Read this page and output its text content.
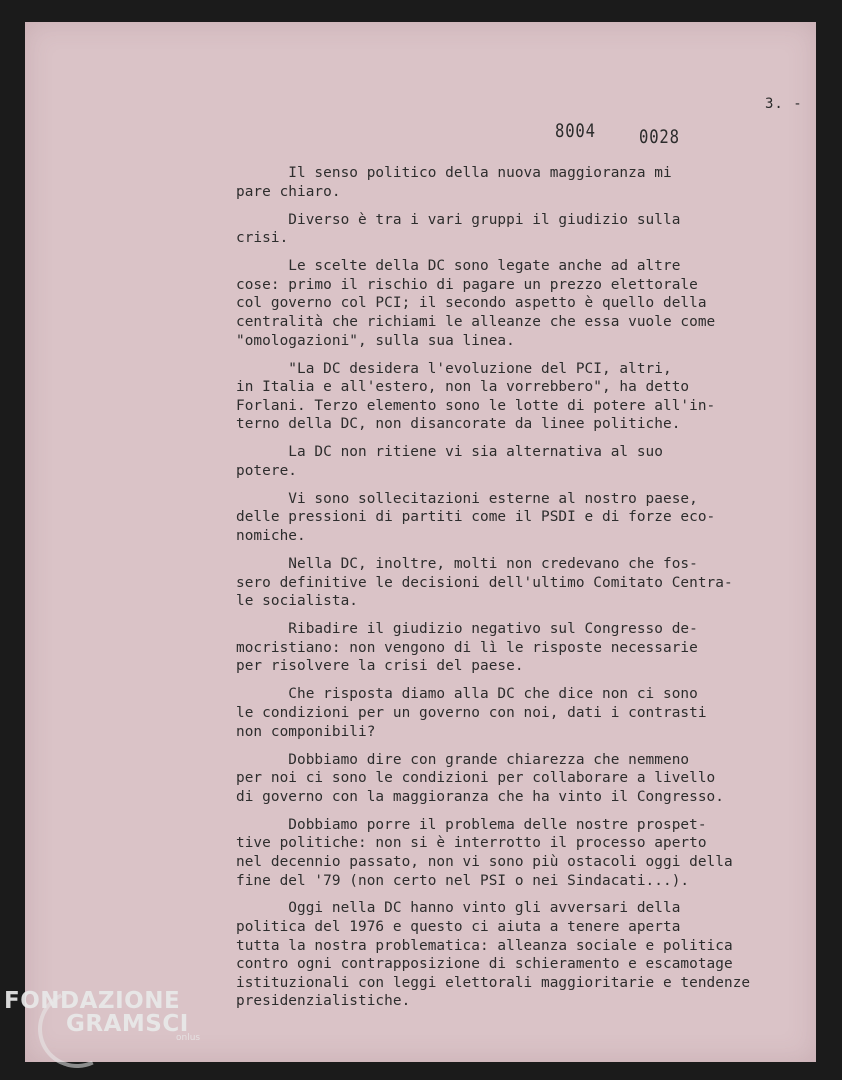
3. -
8004 0028

Il senso politico della nuova maggioranza mi
pare chiaro.

Diverso è tra i vari gruppi il giudizio sulla
crisi.

Le scelte della DC sono legate anche ad altre
cose: primo il rischio di pagare un prezzo elettorale
col governo col PCI; il secondo aspetto è quello della
centralità che richiami le alleanze che essa vuole come
"omologazioni", sulla sua linea.

"La DC desidera l'evoluzione del PCI, altri,
in Italia e all'estero, non la vorrebbero", ha detto
Forlani. Terzo elemento sono le lotte di potere all'in-
terno della DC, non disancorate da linee politiche.

La DC non ritiene vi sia alternativa al suo
potere.

Vi sono sollecitazioni esterne al nostro paese,
delle pressioni di partiti come il PSDI e di forze eco-
nomiche.

Nella DC, inoltre, molti non credevano che fos-
sero definitive le decisioni dell'ultimo Comitato Centra-
le socialista.

Ribadire il giudizio negativo sul Congresso de-
mocristiano: non vengono di lì le risposte necessarie
per risolvere la crisi del paese.

Che risposta diamo alla DC che dice non ci sono
le condizioni per un governo con noi, dati i contrasti
non componibili?

Dobbiamo dire con grande chiarezza che nemmeno
per noi ci sono le condizioni per collaborare a livello
di governo con la maggioranza che ha vinto il Congresso.

Dobbiamo porre il problema delle nostre prospet-
tive politiche: non si è interrotto il processo aperto
nel decennio passato, non vi sono più ostacoli oggi della
fine del '79 (non certo nel PSI o nei Sindacati...).

Oggi nella DC hanno vinto gli avversari della
politica del 1976 e questo ci aiuta a tenere aperta
tutta la nostra problematica: alleanza sociale e politica
contro ogni contrapposizione di schieramento e escamotage
istituzionali con leggi elettorali maggioritarie e tendenze
presidenzialistiche.

FONDAZIONE
GRAMSCI
onlus
